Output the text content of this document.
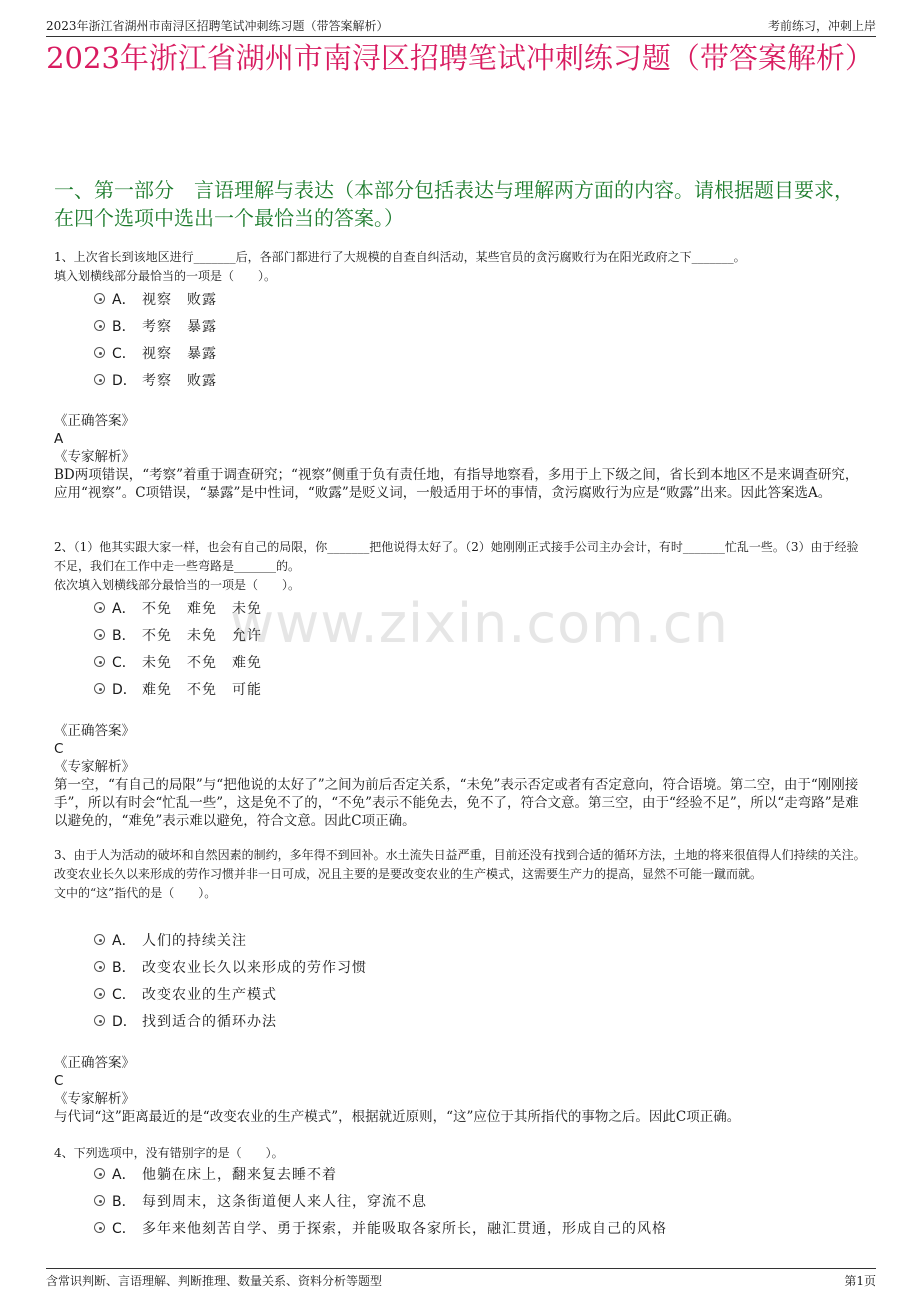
2023年浙江省湖州市南浔区招聘笔试冲刺练习题（带答案解析）	考前练习，冲刺上岸
2023年浙江省湖州市南浔区招聘笔试冲刺练习题（带答案解析）
一、第一部分　言语理解与表达（本部分包括表达与理解两方面的内容。请根据题目要求，在四个选项中选出一个最恰当的答案。）
www.zixin.com.cn
1、上次省长到该地区进行_______后，各部门都进行了大规模的自查自纠活动，某些官员的贪污腐败行为在阳光政府之下_______。
填入划横线部分最恰当的一项是（　　）。
A． 视察　败露
B． 考察　暴露
C． 视察　暴露
D． 考察　败露
《正确答案》
A
《专家解析》
BD两项错误，“考察”着重于调查研究；“视察”侧重于负有责任地，有指导地察看，多用于上下级之间，省长到本地区不是来调查研究，应用“视察”。C项错误，“暴露”是中性词，“败露”是贬义词，一般适用于坏的事情，贪污腐败行为应是“败露”出来。因此答案选A。
2、（1）他其实跟大家一样，也会有自己的局限，你_______把他说得太好了。（2）她刚刚正式接手公司主办会计，有时_______忙乱一些。（3）由于经验不足，我们在工作中走一些弯路是_______的。
依次填入划横线部分最恰当的一项是（　　）。
A． 不免　难免　未免
B． 不免　未免　允许
C． 未免　不免　难免
D． 难免　不免　可能
《正确答案》
C
《专家解析》
第一空，“有自己的局限”与“把他说的太好了”之间为前后否定关系，“未免”表示否定或者有否定意向，符合语境。第二空，由于“刚刚接手”，所以有时会“忙乱一些”，这是免不了的，“不免”表示不能免去，免不了，符合文意。第三空，由于“经验不足”，所以“走弯路”是难以避免的，“难免”表示难以避免，符合文意。因此C项正确。
3、由于人为活动的破坏和自然因素的制约，多年得不到回补。水土流失日益严重，目前还没有找到合适的循环方法，土地的将来很值得人们持续的关注。改变农业长久以来形成的劳作习惯并非一日可成，况且主要的是要改变农业的生产模式，这需要生产力的提高，显然不可能一蹴而就。
文中的“这”指代的是（　　）。
A． 人们的持续关注
B． 改变农业长久以来形成的劳作习惯
C． 改变农业的生产模式
D． 找到适合的循环办法
《正确答案》
C
《专家解析》
与代词“这”距离最近的是“改变农业的生产模式”，根据就近原则，“这”应位于其所指代的事物之后。因此C项正确。
4、下列选项中，没有错别字的是（　　）。
A． 他躺在床上，翻来复去睡不着
B． 每到周末，这条街道便人来人往，穿流不息
C． 多年来他刻苦自学、勇于探索，并能吸取各家所长，融汇贯通，形成自己的风格
含常识判断、言语理解、判断推理、数量关系、资料分析等题型	第1页
